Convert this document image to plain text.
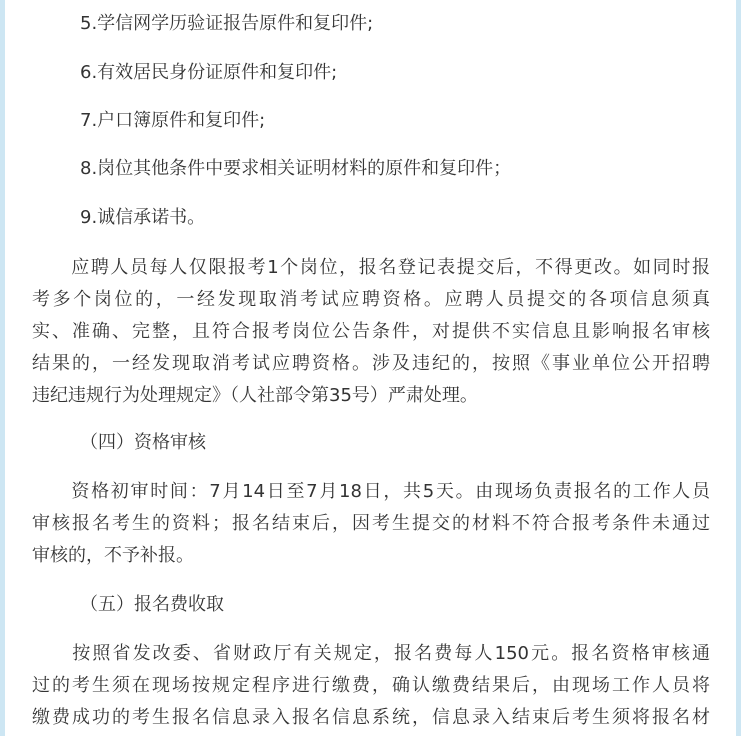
5.学信网学历验证报告原件和复印件;
6.有效居民身份证原件和复印件;
7.户口簿原件和复印件;
8.岗位其他条件中要求相关证明材料的原件和复印件；
9.诚信承诺书。
　　应聘人员每人仅限报考1个岗位，报名登记表提交后，不得更改。如同时报
考多个岗位的，一经发现取消考试应聘资格。应聘人员提交的各项信息须真
实、准确、完整，且符合报考岗位公告条件，对提供不实信息且影响报名审核
结果的，一经发现取消考试应聘资格。涉及违纪的，按照《事业单位公开招聘
违纪违规行为处理规定》（人社部令第35号）严肃处理。
（四）资格审核
　　资格初审时间：7月14日至7月18日，共5天。由现场负责报名的工作人员
审核报名考生的资料；报名结束后，因考生提交的材料不符合报考条件未通过
审核的，不予补报。
（五）报名费收取
　　按照省发改委、省财政厅有关规定，报名费每人150元。报名资格审核通
过的考生须在现场按规定程序进行缴费，确认缴费结果后，由现场工作人员将
缴费成功的考生报名信息录入报名信息系统，信息录入结束后考生须将报名材
